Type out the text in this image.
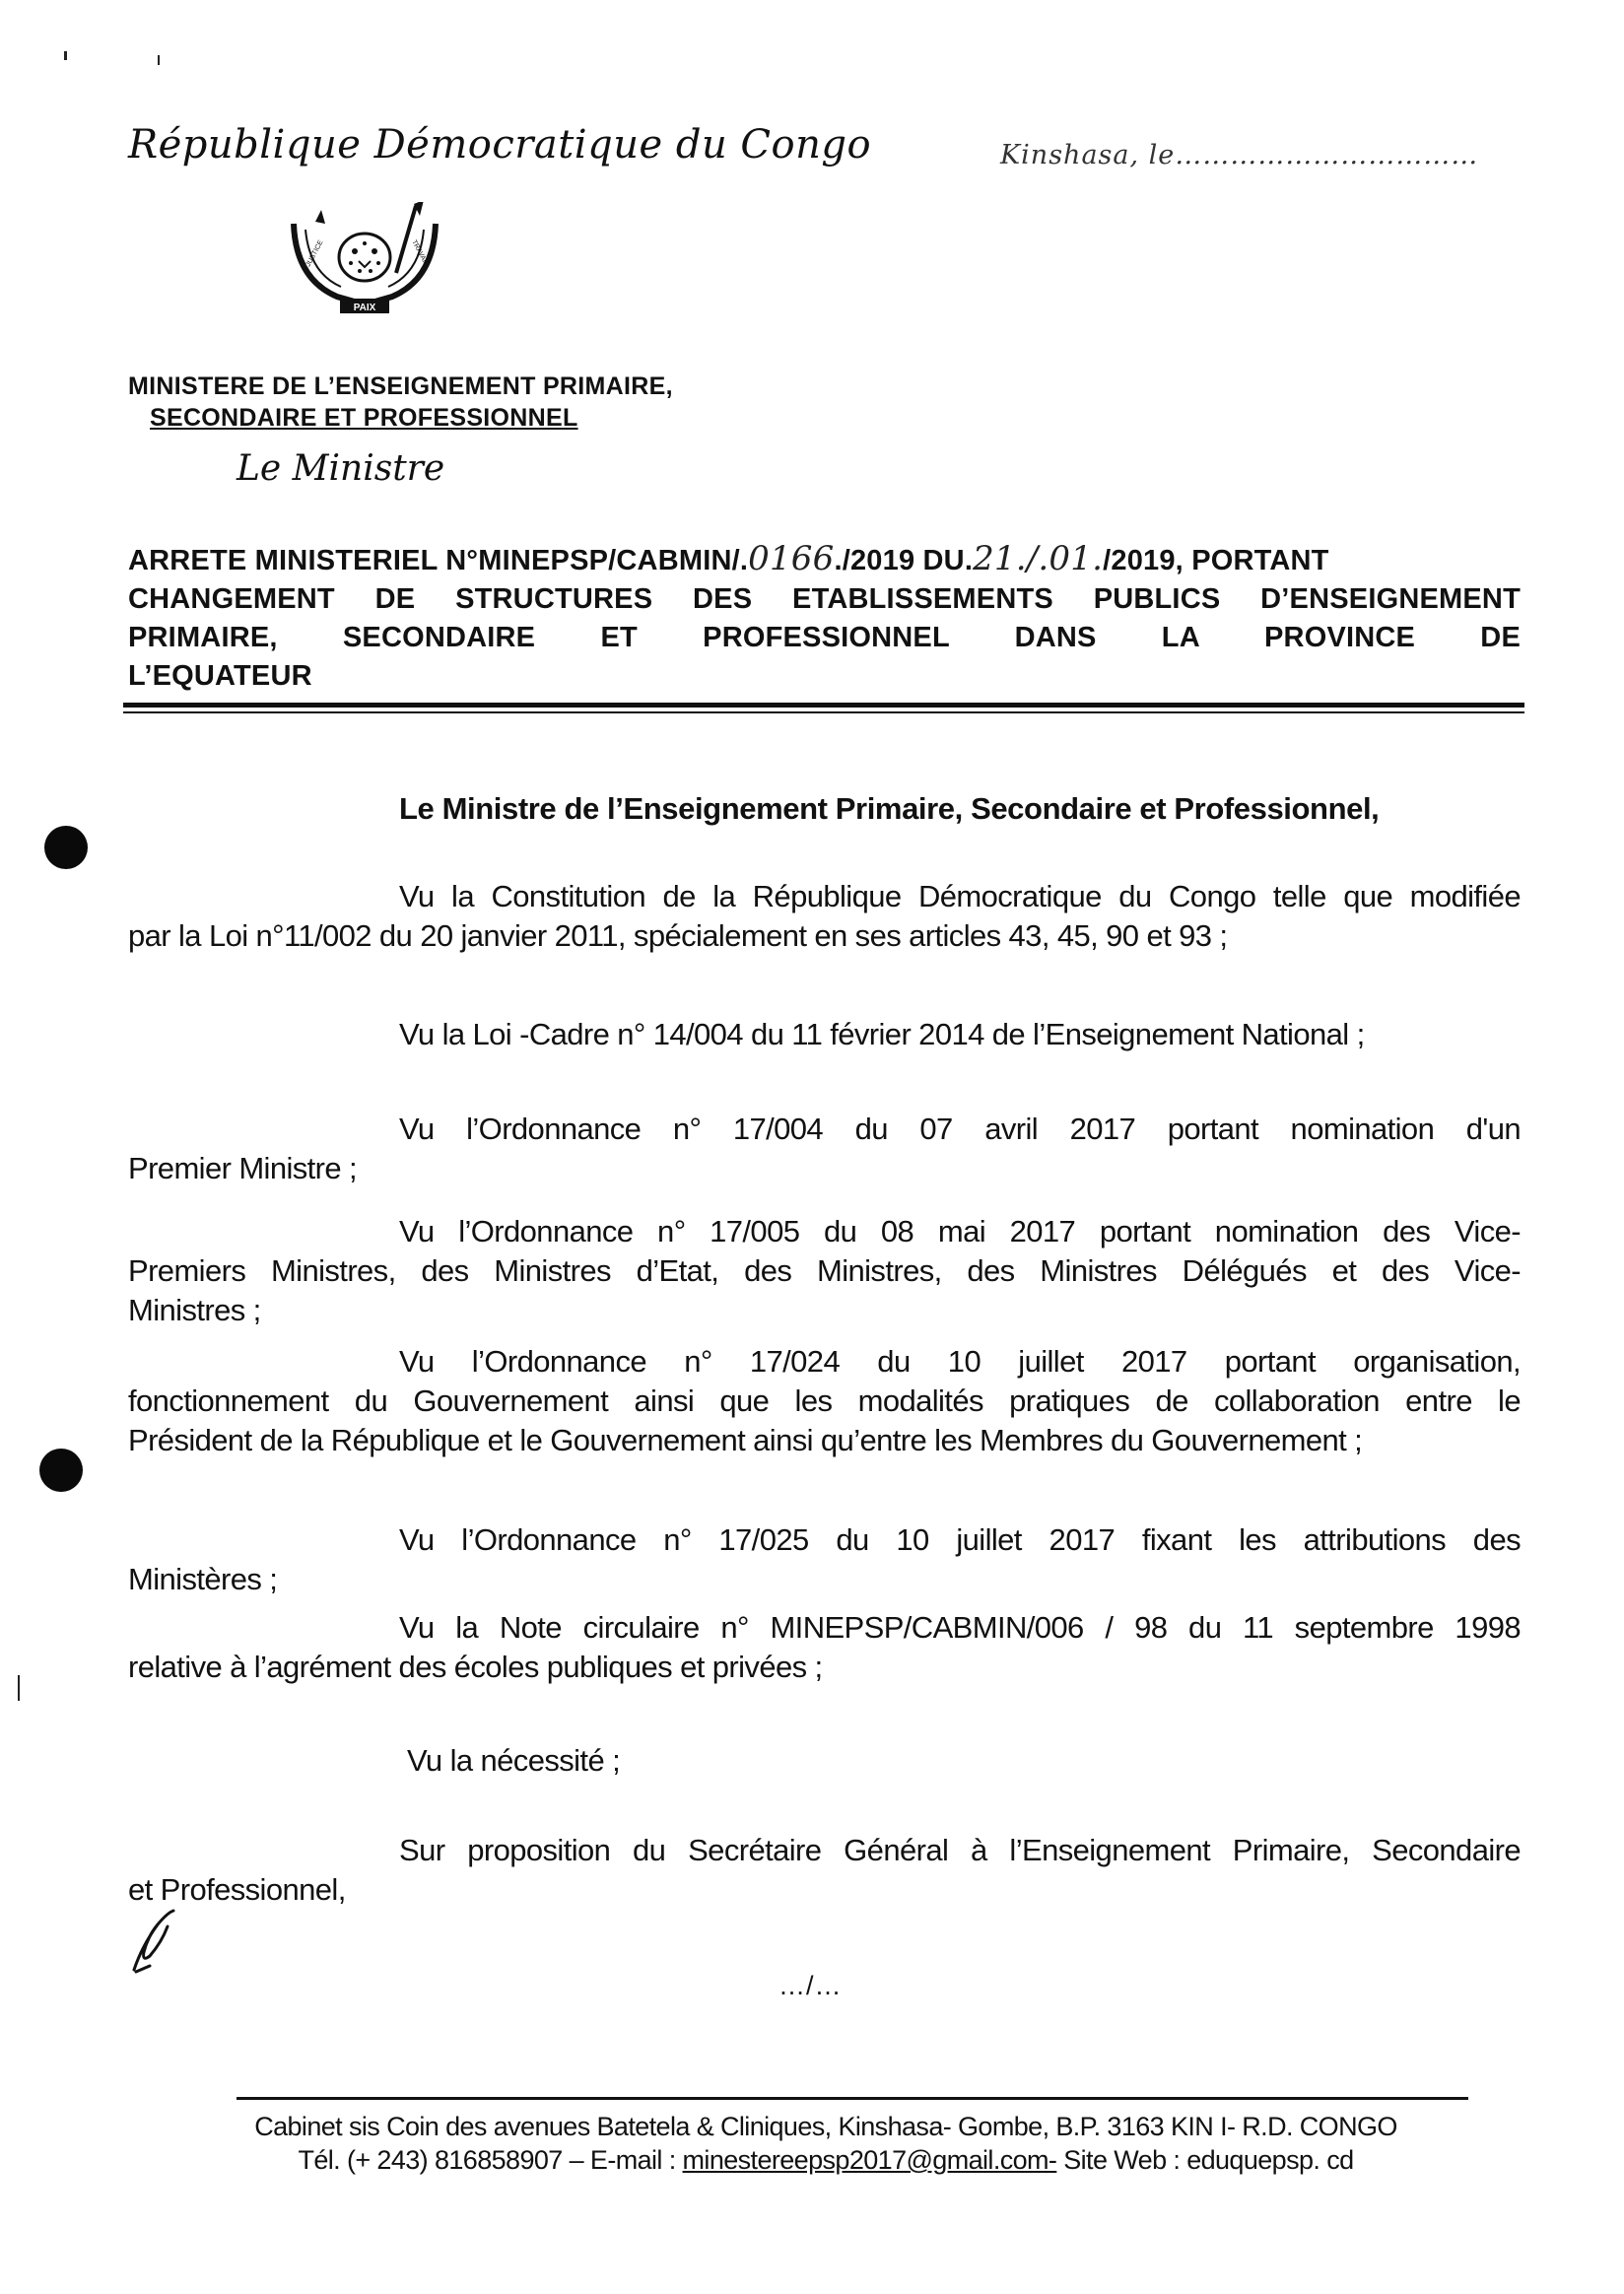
République Démocratique du Congo	Kinshasa, le……………………………
PAIX
JUSTICE	TRAVAIL
MINISTERE DE L’ENSEIGNEMENT PRIMAIRE,
SECONDAIRE ET PROFESSIONNEL
Le Ministre
ARRETE MINISTERIEL N°MINEPSP/CABMIN/.0166./2019 DU.21./.01./2019, PORTANT
CHANGEMENT DE STRUCTURES DES ETABLISSEMENTS PUBLICS D’ENSEIGNEMENT
PRIMAIRE, SECONDAIRE ET PROFESSIONNEL DANS LA PROVINCE DE
L’EQUATEUR
Le Ministre de l’Enseignement Primaire, Secondaire et Professionnel,
Vu la Constitution de la République Démocratique du Congo telle que modifiée
par la Loi n°11/002 du 20 janvier 2011, spécialement en ses articles 43, 45, 90 et 93 ;
Vu la Loi -Cadre n° 14/004 du 11 février 2014 de l’Enseignement National ;
Vu l’Ordonnance n° 17/004 du 07 avril 2017 portant nomination d'un
Premier Ministre ;
Vu l’Ordonnance n° 17/005 du 08 mai 2017 portant nomination des Vice-
Premiers Ministres, des Ministres d’Etat, des Ministres, des Ministres Délégués et des Vice-
Ministres ;
Vu l’Ordonnance n° 17/024 du 10 juillet 2017 portant organisation,
fonctionnement du Gouvernement ainsi que les modalités pratiques de collaboration entre le
Président de la République et le Gouvernement ainsi qu’entre les Membres du Gouvernement ;
Vu l’Ordonnance n° 17/025 du 10 juillet 2017 fixant les attributions des
Ministères ;
Vu la Note circulaire n° MINEPSP/CABMIN/006 / 98 du 11 septembre 1998
relative à l’agrément des écoles publiques et privées ;
Vu la nécessité ;
Sur proposition du Secrétaire Général à l’Enseignement Primaire, Secondaire
et Professionnel,
…/…
Cabinet sis Coin des avenues Batetela & Cliniques, Kinshasa- Gombe, B.P. 3163 KIN I- R.D. CONGO
Tél. (+ 243) 816858907 – E-mail : minestereepsp2017@gmail.com- Site Web : eduquepsp. cd
